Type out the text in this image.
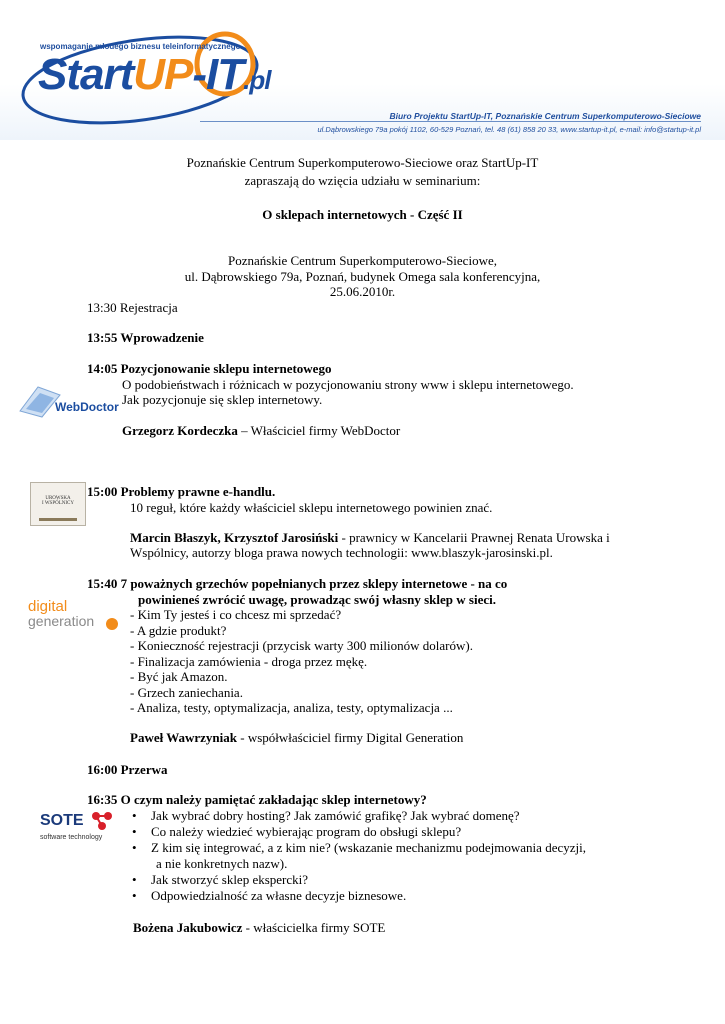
wspomaganie młodego biznesu teleinformatycznego
StartUP-IT.pl
Biuro Projektu StartUp-IT, Poznańskie Centrum Superkomputerowo-Sieciowe
ul.Dąbrowskiego 79a pokój 1102, 60-529 Poznań, tel. 48 (61) 858 20 33, www.startup-it.pl, e-mail: info@startup-it.pl
Poznańskie Centrum Superkomputerowo-Sieciowe oraz StartUp-IT
zapraszają do wzięcia udziału w seminarium:
O sklepach internetowych - Część II
Poznańskie Centrum Superkomputerowo-Sieciowe,
ul. Dąbrowskiego 79a, Poznań, budynek Omega sala konferencyjna,
25.06.2010r.
13:30 Rejestracja
13:55 Wprowadzenie
14:05 Pozycjonowanie sklepu internetowego
WebDoctor
O podobieństwach i różnicach w pozycjonowaniu strony www i sklepu internetowego.
Jak pozycjonuje się sklep internetowy.
Grzegorz Kordeczka – Właściciel firmy WebDoctor
UROWSKA
I WSPÓLNICY
15:00 Problemy prawne e-handlu.
10 reguł, które każdy właściciel sklepu internetowego powinien znać.
Marcin Błaszyk, Krzysztof Jarosiński - prawnicy w Kancelarii Prawnej Renata Urowska i
Wspólnicy, autorzy bloga prawa nowych technologii: www.blaszyk-jarosinski.pl.
15:40 7 poważnych grzechów popełnianych przez sklepy internetowe - na co
powinieneś zwrócić uwagę, prowadząc swój własny sklep w sieci.
digital
generation	- Kim Ty jesteś i co chcesz mi sprzedać?
- A gdzie produkt?
- Konieczność rejestracji (przycisk warty 300 milionów dolarów).
- Finalizacja zamówienia - droga przez mękę.
- Być jak Amazon.
- Grzech zaniechania.
- Analiza, testy, optymalizacja, analiza, testy, optymalizacja ...
Paweł Wawrzyniak - współwłaściciel firmy Digital Generation
16:00 Przerwa
16:35 O czym należy pamiętać zakładając sklep internetowy?
SOTE
software technology
• Jak wybrać dobry hosting? Jak zamówić grafikę? Jak wybrać domenę?
• Co należy wiedzieć wybierając program do obsługi sklepu?
• Z kim się integrować, a z kim nie? (wskazanie mechanizmu podejmowania decyzji,
a nie konkretnych nazw).
• Jak stworzyć sklep ekspercki?
• Odpowiedzialność za własne decyzje biznesowe.
Bożena Jakubowicz - właścicielka firmy SOTE
